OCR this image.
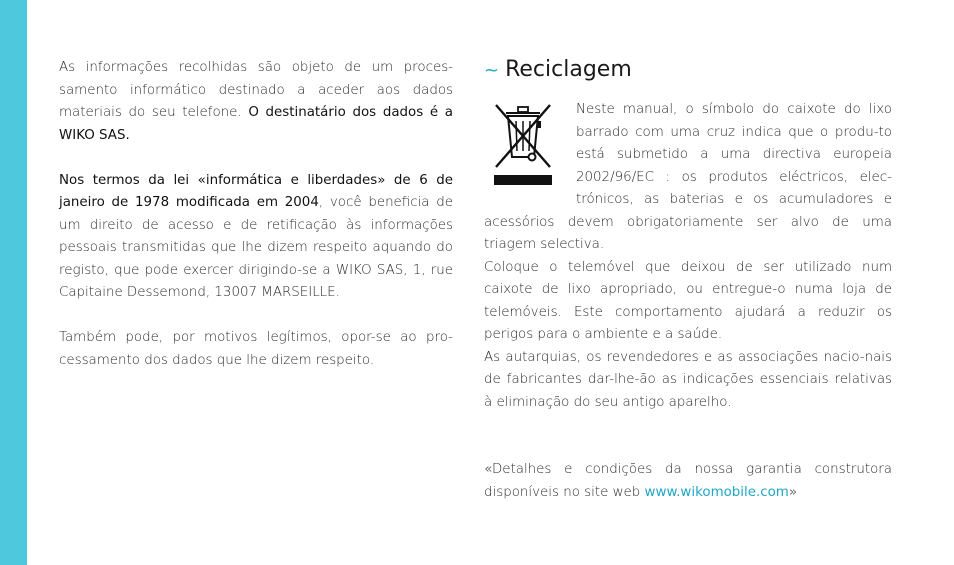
As informações recolhidas são objeto de um proces-samento informático destinado a aceder aos dados materiais do seu telefone. O destinatário dos dados é a WIKO SAS.

Nos termos da lei «informática e liberdades» de 6 de janeiro de 1978 modificada em 2004, você beneficia de um direito de acesso e de retificação às informações pessoais transmitidas que lhe dizem respeito aquando do registo, que pode exercer dirigindo-se a WIKO SAS, 1, rue Capitaine Dessemond, 13007 MARSEILLE.

Também pode, por motivos legítimos, opor-se ao pro-cessamento dos dados que lhe dizem respeito.

~ Reciclagem

Neste manual, o símbolo do caixote do lixo barrado com uma cruz indica que o produ-to está submetido a uma directiva europeia 2002/96/EC : os produtos eléctricos, elec-trónicos, as baterias e os acumuladores e acessórios devem obrigatoriamente ser alvo de uma triagem selectiva.

Coloque o telemóvel que deixou de ser utilizado num caixote de lixo apropriado, ou entregue-o numa loja de telemóveis. Este comportamento ajudará a reduzir os perigos para o ambiente e a saúde.

As autarquias, os revendedores e as associações nacio-nais de fabricantes dar-lhe-ão as indicações essenciais relativas à eliminação do seu antigo aparelho.

«Detalhes e condições da nossa garantia construtora disponíveis no site web www.wikomobile.com»
